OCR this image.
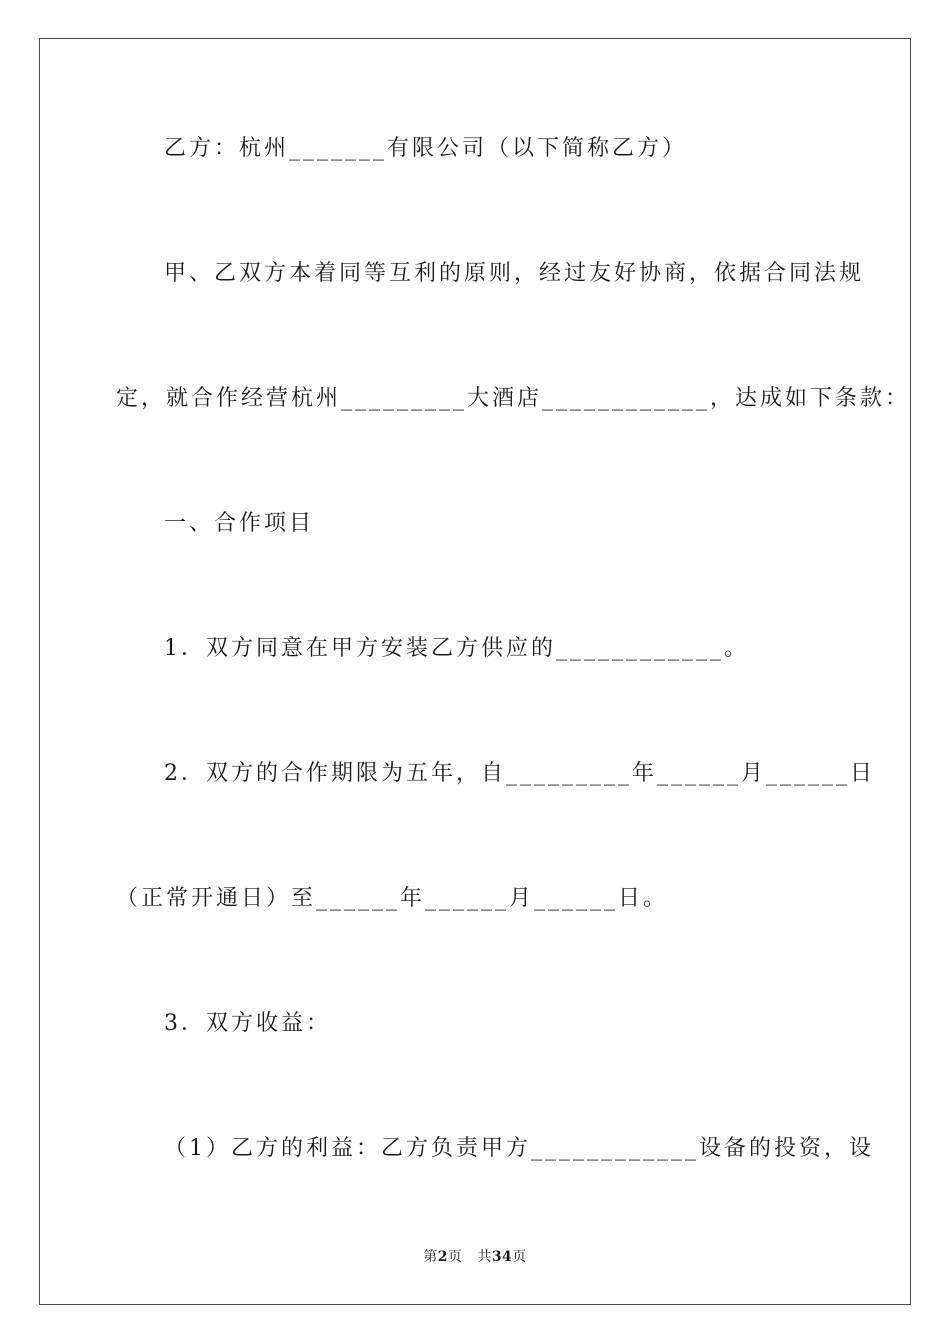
乙方：杭州_______有限公司（以下简称乙方）
甲、乙双方本着同等互利的原则，经过友好协商，依据合同法规
定，就合作经营杭州_________大酒店____________，达成如下条款：
一、合作项目
1．双方同意在甲方安装乙方供应的____________。
2．双方的合作期限为五年，自_________年______月______日
（正常开通日）至______年______月______日。
3．双方收益：
（1）乙方的利益：乙方负责甲方____________设备的投资，设
第2页 共34页
